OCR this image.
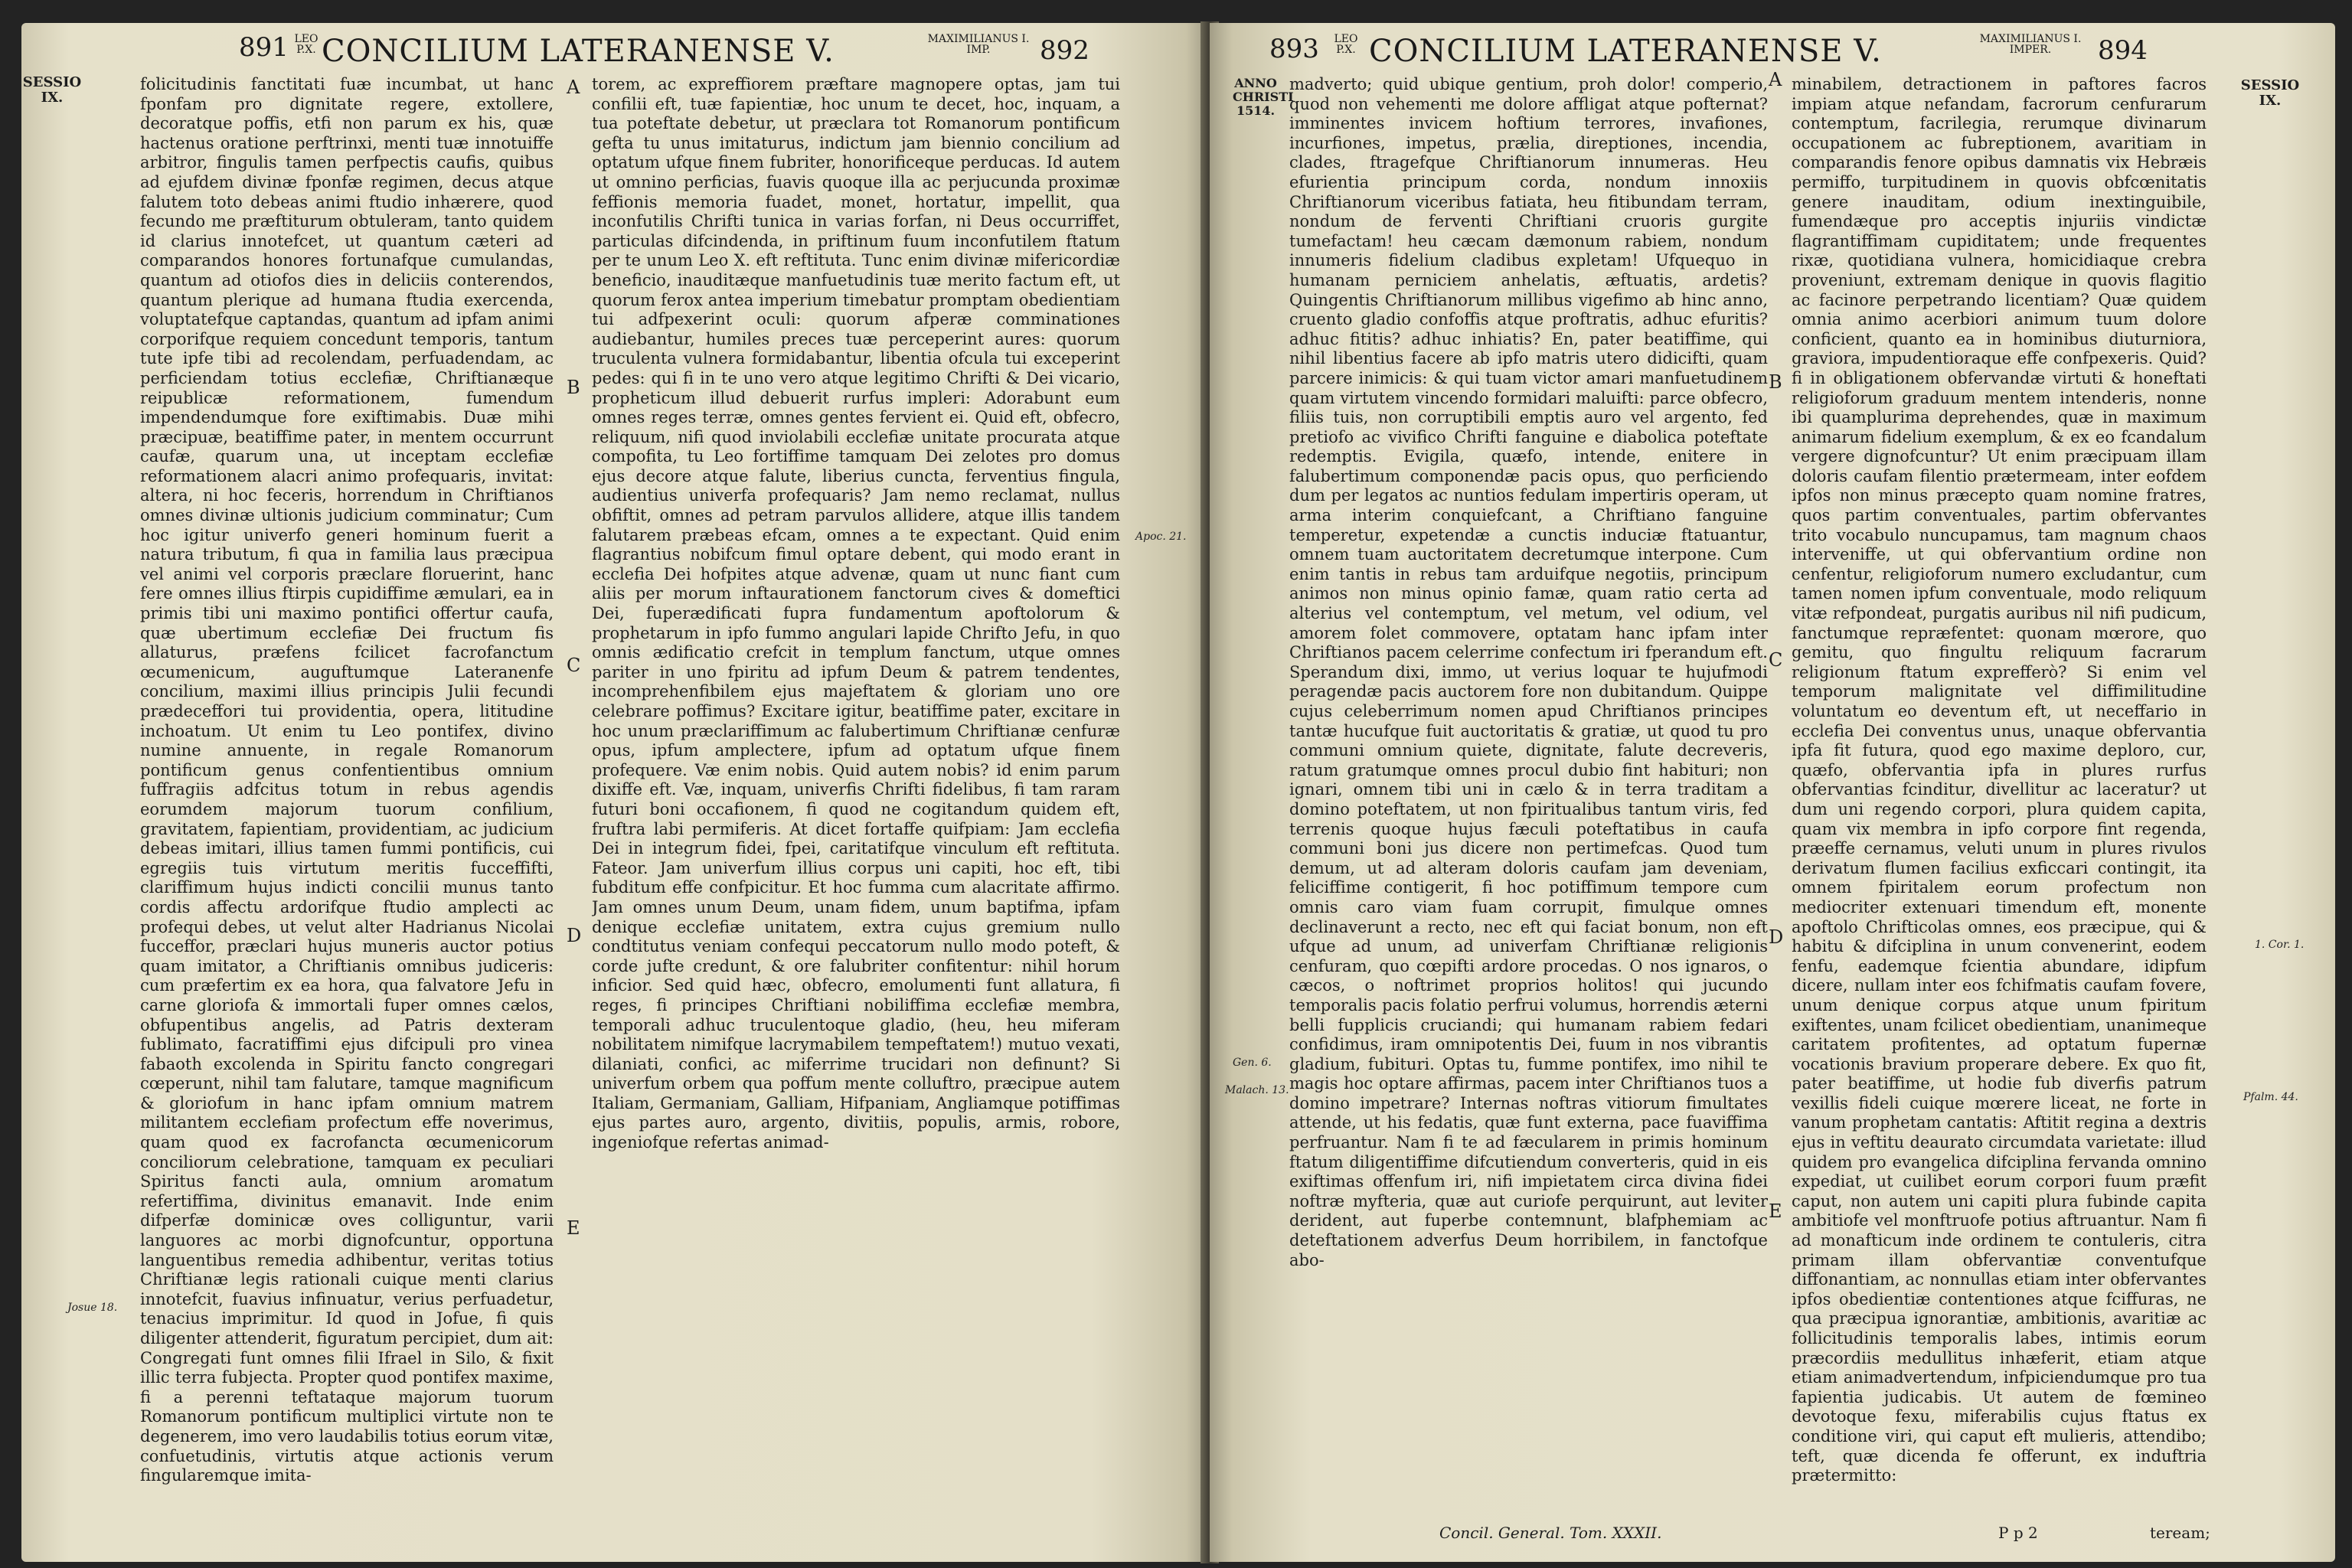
891 LEO
P.X. CONCILIUM LATERANENSE V.	MAXIMILIANUS I.
IMP.	892
SESSIO
IX.
folicitudinis fanctitati fuæ incumbat, ut hanc fponfam pro dignitate regere, extollere, decoratque poffis, etfi non parum ex his, quæ hactenus oratione perftrinxi, menti tuæ innotuiffe arbitror, fingulis tamen perfpectis caufis, quibus ad ejufdem divinæ fponfæ regimen, decus atque falutem toto debeas animi ftudio inhærere, quod fecundo me præftiturum obtuleram, tanto quidem id clarius innotefcet, ut quantum cæteri ad comparandos honores fortunafque cumulandas, quantum ad otiofos dies in deliciis conterendos, quantum plerique ad humana ftudia exercenda, voluptatefque captandas, quantum ad ipfam animi corporifque requiem concedunt temporis, tantum tute ipfe tibi ad recolendam, perfuadendam, ac perficiendam totius ecclefiæ, Chriftianæque reipublicæ reformationem, fumendum impendendumque fore exiftimabis. Duæ mihi præcipuæ, beatiffime pater, in mentem occurrunt caufæ, quarum una, ut inceptam ecclefiæ reformationem alacri animo profequaris, invitat: altera, ni hoc feceris, horrendum in Chriftianos omnes divinæ ultionis judicium comminatur; Cum hoc igitur univerfo generi hominum fuerit a natura tributum, fi qua in familia laus præcipua vel animi vel corporis præclare floruerint, hanc fere omnes illius ftirpis cupidiffime æmulari, ea in primis tibi uni maximo pontifici offertur caufa, quæ ubertimum ecclefiæ Dei fructum fis allaturus, præfens fcilicet facrofanctum œcumenicum, auguftumque Lateranenfe concilium, maximi illius principis Julii fecundi prædeceffori tui providentia, opera, lititudine inchoatum. Ut enim tu Leo pontifex, divino numine annuente, in regale Romanorum pontificum genus confentientibus omnium fuffragiis adfcitus totum in rebus agendis eorumdem majorum tuorum confilium, gravitatem, fapientiam, providentiam, ac judicium debeas imitari, illius tamen fummi pontificis, cui egregiis tuis virtutum meritis fucceffifti, clariffimum hujus indicti concilii munus tanto cordis affectu ardorifque ftudio amplecti ac profequi debes, ut velut alter Hadrianus Nicolai fucceffor, præclari hujus muneris auctor potius quam imitator, a Chriftianis omnibus judiceris: cum præfertim ex ea hora, qua falvatore Jefu in carne gloriofa & immortali fuper omnes cælos, obfupentibus angelis, ad Patris dexteram fublimato, facratiffimi ejus difcipuli pro vinea fabaoth excolenda in Spiritu fancto congregari cœperunt, nihil tam falutare, tamque magnificum & gloriofum in hanc ipfam omnium matrem militantem ecclefiam profectum effe noverimus, quam quod ex facrofancta œcumenicorum conciliorum celebratione, tamquam ex peculiari Spiritus fancti aula, omnium aromatum refertiffima, divinitus emanavit. Inde enim difperfæ dominicæ oves colliguntur, varii languores ac morbi dignofcuntur, opportuna languentibus remedia adhibentur, veritas totius Chriftianæ legis rationali cuique menti clarius innotefcit, fuavius infinuatur, verius perfuadetur, tenacius imprimitur. Id quod in Jofue, fi quis diligenter attenderit, figuratum percipiet, dum ait: Congregati funt omnes filii Ifrael in Silo, & fixit illic terra fubjecta. Propter quod pontifex maxime, fi a perenni teftataque majorum tuorum Romanorum pontificum multiplici virtute non te degenerem, imo vero laudabilis totius eorum vitæ, confuetudinis, virtutis atque actionis verum fingularemque imita-
A
B
C
D
E
Josue 18.
Apoc. 21.
torem, ac expreffiorem præftare magnopere optas, jam tui confilii eft, tuæ fapientiæ, hoc unum te decet, hoc, inquam, a tua poteftate debetur, ut præclara tot Romanorum pontificum gefta tu unus imitaturus, indictum jam biennio concilium ad optatum ufque finem fubriter, honorificeque perducas. Id autem ut omnino perficias, fuavis quoque illa ac perjucunda proximæ feffionis memoria fuadet, monet, hortatur, impellit, qua inconfutilis Chrifti tunica in varias forfan, ni Deus occurriffet, particulas difcindenda, in priftinum fuum inconfutilem ftatum per te unum Leo X. eft reftituta. Tunc enim divinæ mifericordiæ beneficio, inauditæque manfuetudinis tuæ merito factum eft, ut quorum ferox antea imperium timebatur promptam obedientiam tui adfpexerint oculi: quorum afperæ comminationes audiebantur, humiles preces tuæ perceperint aures: quorum truculenta vulnera formidabantur, libentia ofcula tui exceperint pedes: qui fi in te uno vero atque legitimo Chrifti & Dei vicario, propheticum illud debuerit rurfus impleri: Adorabunt eum omnes reges terræ, omnes gentes fervient ei. Quid eft, obfecro, reliquum, nifi quod inviolabili ecclefiæ unitate procurata atque compofita, tu Leo fortiffime tamquam Dei zelotes pro domus ejus decore atque falute, liberius cuncta, ferventius fingula, audientius univerfa profequaris? Jam nemo reclamat, nullus obfiftit, omnes ad petram parvulos allidere, atque illis tandem falutarem præbeas efcam, omnes a te expectant. Quid enim flagrantius nobifcum fimul optare debent, qui modo erant in ecclefia Dei hofpites atque advenæ, quam ut nunc fiant cum aliis per morum inftaurationem fanctorum cives & domeftici Dei, fuperædificati fupra fundamentum apoftolorum & prophetarum in ipfo fummo angulari lapide Chrifto Jefu, in quo omnis ædificatio crefcit in templum fanctum, utque omnes pariter in uno fpiritu ad ipfum Deum & patrem tendentes, incomprehenfibilem ejus majeftatem & gloriam uno ore celebrare poffimus? Excitare igitur, beatiffime pater, excitare in hoc unum præclariffimum ac falubertimum Chriftianæ cenfuræ opus, ipfum amplectere, ipfum ad optatum ufque finem profequere. Væ enim nobis. Quid autem nobis? id enim parum dixiffe eft. Væ, inquam, univerfis Chrifti fidelibus, fi tam raram futuri boni occafionem, fi quod ne cogitandum quidem eft, fruftra labi permiferis. At dicet fortaffe quifpiam: Jam ecclefia Dei in integrum fidei, fpei, caritatifque vinculum eft reftituta. Fateor. Jam univerfum illius corpus uni capiti, hoc eft, tibi fubditum effe confpicitur. Et hoc fumma cum alacritate affirmo. Jam omnes unum Deum, unam fidem, unum baptifma, ipfam denique ecclefiæ unitatem, extra cujus gremium nullo condtitutus veniam confequi peccatorum nullo modo poteft, & corde jufte credunt, & ore falubriter confitentur: nihil horum inficior. Sed quid hæc, obfecro, emolumenti funt allatura, fi reges, fi principes Chriftiani nobiliffima ecclefiæ membra, temporali adhuc truculentoque gladio, (heu, heu miferam nobilitatem nimifque lacrymabilem tempeftatem!) mutuo vexati, dilaniati, confici, ac miferrime trucidari non definunt? Si univerfum orbem qua poffum mente colluftro, præcipue autem Italiam, Germaniam, Galliam, Hifpaniam, Angliamque potiffimas ejus partes auro, argento, divitiis, populis, armis, robore, ingeniofque refertas animad-
893	LEO
P.X. CONCILIUM LATERANENSE V.	MAXIMILIANUS I.
IMPER.	894
ANNO
CHRISTI
1514.
madverto; quid ubique gentium, proh dolor! comperio, quod non vehementi me dolore affligat atque pofternat? imminentes invicem hoftium terrores, invafiones, incurfiones, impetus, prælia, direptiones, incendia, clades, ftragefque Chriftianorum innumeras. Heu efurientia principum corda, nondum innoxiis Chriftianorum viceribus fatiata, heu fitibundam terram, nondum de ferventi Chriftiani cruoris gurgite tumefactam! heu cæcam dæmonum rabiem, nondum innumeris fidelium cladibus expletam! Ufquequo in humanam perniciem anhelatis, æftuatis, ardetis? Quingentis Chriftianorum millibus vigefimo ab hinc anno, cruento gladio confoffis atque proftratis, adhuc efuritis? adhuc fititis? adhuc inhiatis? En, pater beatiffime, qui nihil libentius facere ab ipfo matris utero didicifti, quam parcere inimicis: & qui tuam victor amari manfuetudinem quam virtutem vincendo formidari maluifti: parce obfecro, filiis tuis, non corruptibili emptis auro vel argento, fed pretiofo ac vivifico Chrifti fanguine e diabolica poteftate redemptis. Evigila, quæfo, intende, enitere in falubertimum componendæ pacis opus, quo perficiendo dum per legatos ac nuntios fedulam impertiris operam, ut arma interim conquiefcant, a Chriftiano fanguine temperetur, expetendæ a cunctis induciæ ftatuantur, omnem tuam auctoritatem decretumque interpone. Cum enim tantis in rebus tam arduifque negotiis, principum animos non minus opinio famæ, quam ratio certa ad alterius vel contemptum, vel metum, vel odium, vel amorem folet commovere, optatam hanc ipfam inter Chriftianos pacem celerrime confectum iri fperandum eft. Sperandum dixi, immo, ut verius loquar te hujufmodi peragendæ pacis auctorem fore non dubitandum. Quippe cujus celeberrimum nomen apud Chriftianos principes tantæ hucufque fuit auctoritatis & gratiæ, ut quod tu pro communi omnium quiete, dignitate, falute decreveris, ratum gratumque omnes procul dubio fint habituri; non ignari, omnem tibi uni in cælo & in terra traditam a domino poteftatem, ut non fpiritualibus tantum viris, fed terrenis quoque hujus fæculi poteftatibus in caufa communi boni jus dicere non pertimefcas. Quod tum demum, ut ad alteram doloris caufam jam deveniam, feliciffime contigerit, fi hoc potiffimum tempore cum omnis caro viam fuam corrupit, fimulque omnes declinaverunt a recto, nec eft qui faciat bonum, non eft ufque ad unum, ad univerfam Chriftianæ religionis cenfuram, quo cœpifti ardore procedas. O nos ignaros, o cæcos, o noftrimet proprios holitos! qui jucundo temporalis pacis folatio perfrui volumus, horrendis æterni belli fupplicis cruciandi; qui humanam rabiem fedari confidimus, iram omnipotentis Dei, fuum in nos vibrantis gladium, fubituri. Optas tu, fumme pontifex, imo nihil te magis hoc optare affirmas, pacem inter Chriftianos tuos a domino impetrare? Internas noftras vitiorum fimultates attende, ut his fedatis, quæ funt externa, pace fuaviffima perfruantur. Nam fi te ad fæcularem in primis hominum ftatum diligentiffime difcutiendum converteris, quid in eis exiftimas offenfum iri, nifi impietatem circa divina fidei noftræ myfteria, quæ aut curiofe perquirunt, aut leviter derident, aut fuperbe contemnunt, blafphemiam ac deteftationem adverfus Deum horribilem, in fanctofque abo-
A
B
C
D
E
Gen. 6.
Malach. 13.
minabilem, detractionem in paftores facros impiam atque nefandam, facrorum cenfurarum contemptum, facrilegia, rerumque divinarum occupationem ac fubreptionem, avaritiam in comparandis fenore opibus damnatis vix Hebræis permiffo, turpitudinem in quovis obfcœnitatis genere inauditam, odium inextinguibile, fumendæque pro acceptis injuriis vindictæ flagrantiffimam cupiditatem; unde frequentes rixæ, quotidiana vulnera, homicidiaque crebra proveniunt, extremam denique in quovis flagitio ac facinore perpetrando licentiam? Quæ quidem omnia animo acerbiori animum tuum dolore conficient, quanto ea in hominibus diuturniora, graviora, impudentioraque effe confpexeris. Quid? fi in obligationem obfervandæ virtuti & honeftati religioforum graduum mentem intenderis, nonne ibi quamplurima deprehendes, quæ in maximum animarum fidelium exemplum, & ex eo fcandalum vergere dignofcuntur? Ut enim præcipuam illam doloris caufam filentio prætermeam, inter eofdem ipfos non minus præcepto quam nomine fratres, quos partim conventuales, partim obfervantes trito vocabulo nuncupamus, tam magnum chaos interveniffe, ut qui obfervantium ordine non cenfentur, religioforum numero excludantur, cum tamen nomen ipfum conventuale, modo reliquum vitæ refpondeat, purgatis auribus nil nifi pudicum, fanctumque repræfentet: quonam mœrore, quo gemitu, quo fingultu reliquum facrarum religionum ftatum exprefferò? Si enim vel temporum malignitate vel diffimilitudine voluntatum eo deventum eft, ut neceffario in ecclefia Dei conventus unus, unaque obfervantia ipfa fit futura, quod ego maxime deploro, cur, quæfo, obfervantia ipfa in plures rurfus obfervantias fcinditur, divellitur ac laceratur? ut dum uni regendo corpori, plura quidem capita, quam vix membra in ipfo corpore fint regenda, præeffe cernamus, veluti unum in plures rivulos derivatum flumen facilius exficcari contingit, ita omnem fpiritalem eorum profectum non mediocriter extenuari timendum eft, monente apoftolo Chrifticolas omnes, eos præcipue, qui & habitu & difciplina in unum convenerint, eodem fenfu, eademque fcientia abundare, idipfum dicere, nullam inter eos fchifmatis caufam fovere, unum denique corpus atque unum fpiritum exiftentes, unam fcilicet obedientiam, unanimeque caritatem profitentes, ad optatum fupernæ vocationis bravium properare debere. Ex quo fit, pater beatiffime, ut hodie fub diverfis patrum vexillis fideli cuique mœrere liceat, ne forte in vanum prophetam cantatis: Aftitit regina a dextris ejus in veftitu deaurato circumdata varietate: illud quidem pro evangelica difciplina fervanda omnino expediat, ut cuilibet eorum corpori fuum præfit caput, non autem uni capiti plura fubinde capita ambitiofe vel monftruofe potius aftruantur. Nam fi ad monafticum inde ordinem te contuleris, citra primam illam obfervantiæ conventufque diffonantiam, ac nonnullas etiam inter obfervantes ipfos obedientiæ contentiones atque fciffuras, ne qua præcipua ignorantiæ, ambitionis, avaritiæ ac follicitudinis temporalis labes, intimis eorum præcordiis medullitus inhæferit, etiam atque etiam animadvertendum, infpiciendumque pro tua fapientia judicabis. Ut autem de fœmineo devotoque fexu, miferabilis cujus ftatus ex conditione viri, qui caput eft mulieris, attendibo; teft, quæ dicenda fe offerunt, ex induftria prætermitto:
SESSIO
IX.
1. Cor. 1.
Pfalm. 44.
Concil. General. Tom. XXXII.	P p 2	teream;
